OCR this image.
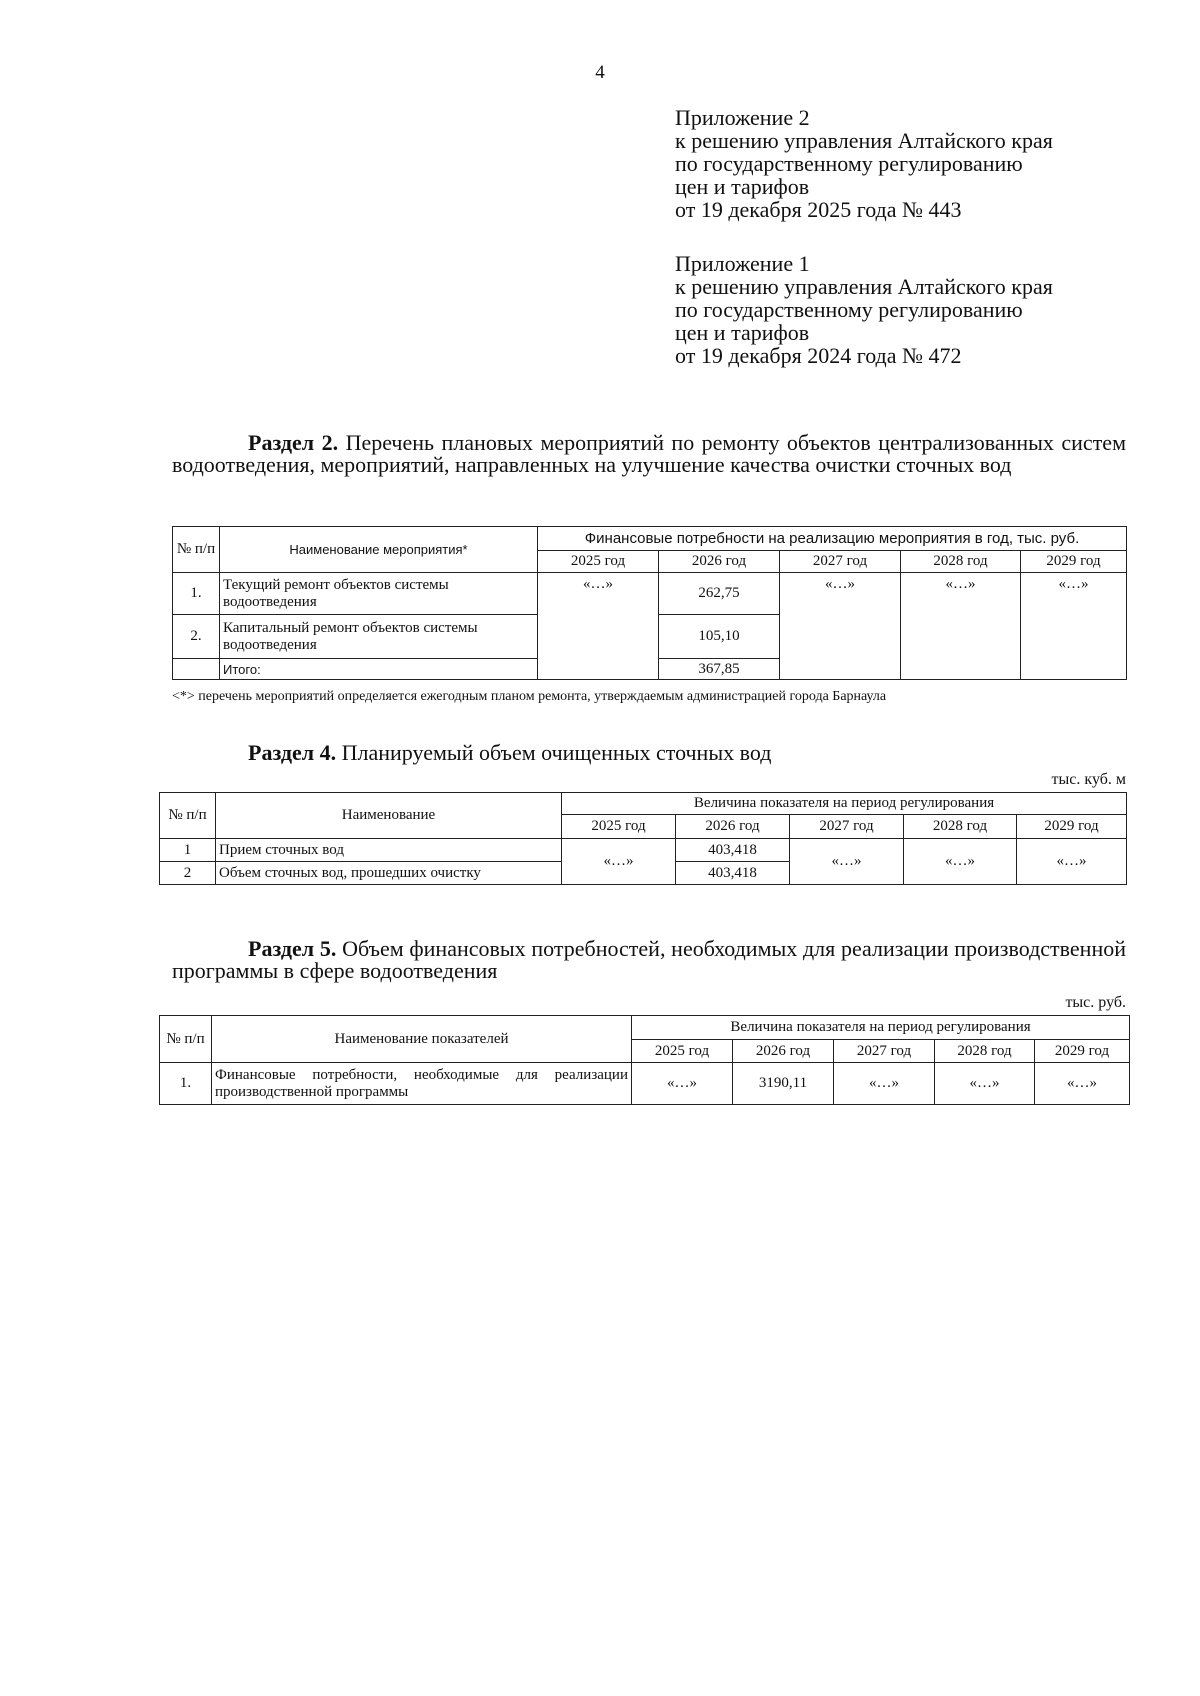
4
Приложение 2
к решению управления Алтайского края
по государственному регулированию
цен и тарифов
от 19 декабря 2025 года № 443
Приложение 1
к решению управления Алтайского края
по государственному регулированию
цен и тарифов
от 19 декабря 2024 года № 472

Раздел 2. Перечень плановых мероприятий по ремонту объектов централизованных систем водоотведения, мероприятий, направленных на улучшение качества очистки сточных вод

№ п/п	Наименование мероприятия*	Финансовые потребности на реализацию мероприятия в год, тыс. руб.				
		2025 год	2026 год	2027 год	2028 год	2029 год
1.	Текущий ремонт объектов системы водоотведения	«…»	262,75	«…»	«…»	«…»
2.	Капитальный ремонт объектов системы водоотведения		105,10			
	Итого:		367,85			
<*> перечень мероприятий определяется ежегодным планом ремонта, утверждаемым администрацией города Барнаула
Раздел 4. Планируемый объем очищенных сточных вод
тыс. куб. м
№ п/п	Наименование	Величина показателя на период регулирования				
		2025 год	2026 год	2027 год	2028 год	2029 год
1	Прием сточных вод	«…»	403,418	«…»	«…»	«…»
2	Объем сточных вод, прошедших очистку		403,418			

Раздел 5. Объем финансовых потребностей, необходимых для реализации производственной программы в сфере водоотведения

тыс. руб.
№ п/п	Наименование показателей	Величина показателя на период регулирования				
		2025 год	2026 год	2027 год	2028 год	2029 год
1.	Финансовые потребности, необходимые для реализации производственной программы	«…»	3190,11	«…»	«…»	«…»
